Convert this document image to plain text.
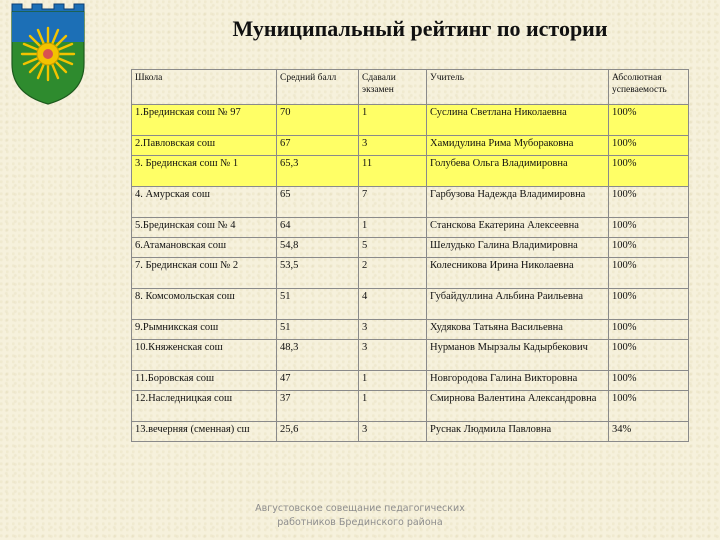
Муниципальный рейтинг по истории
Школа	Средний балл	Сдавали экзамен	Учитель	Абсолютная успеваемость
1.Брединская сош № 97	70	1	Суслина Светлана Николаевна	100%
2.Павловская сош	67	3	Хамидулина Рима Мубораковна	100%
3. Брединская сош № 1	65,3	11	Голубева Ольга Владимировна	100%
4. Амурская сош	65	7	Гарбузова Надежда Владимировна	100%
5.Брединская сош № 4	64	1	Станскова Екатерина Алексеевна	100%
6.Атамановская сош	54,8	5	Шелудько Галина Владимировна	100%
7. Брединская сош № 2	53,5	2	Колесникова Ирина Николаевна	100%
8. Комсомольская сош	51	4	Губайдуллина Альбина Раильевна	100%
9.Рымникская сош	51	3	Худякова Татьяна Васильевна	100%
10.Княженская сош	48,3	3	Нурманов Мырзалы Кадырбекович	100%
11.Боровская сош	47	1	Новгородова Галина Викторовна	100%
12.Наследницкая сош	37	1	Смирнова Валентина Александровна	100%
13.вечерняя (сменная) сш	25,6	3	Руснак Людмила Павловна	34%
Августовское совещание педагогических
работников Брединского района
